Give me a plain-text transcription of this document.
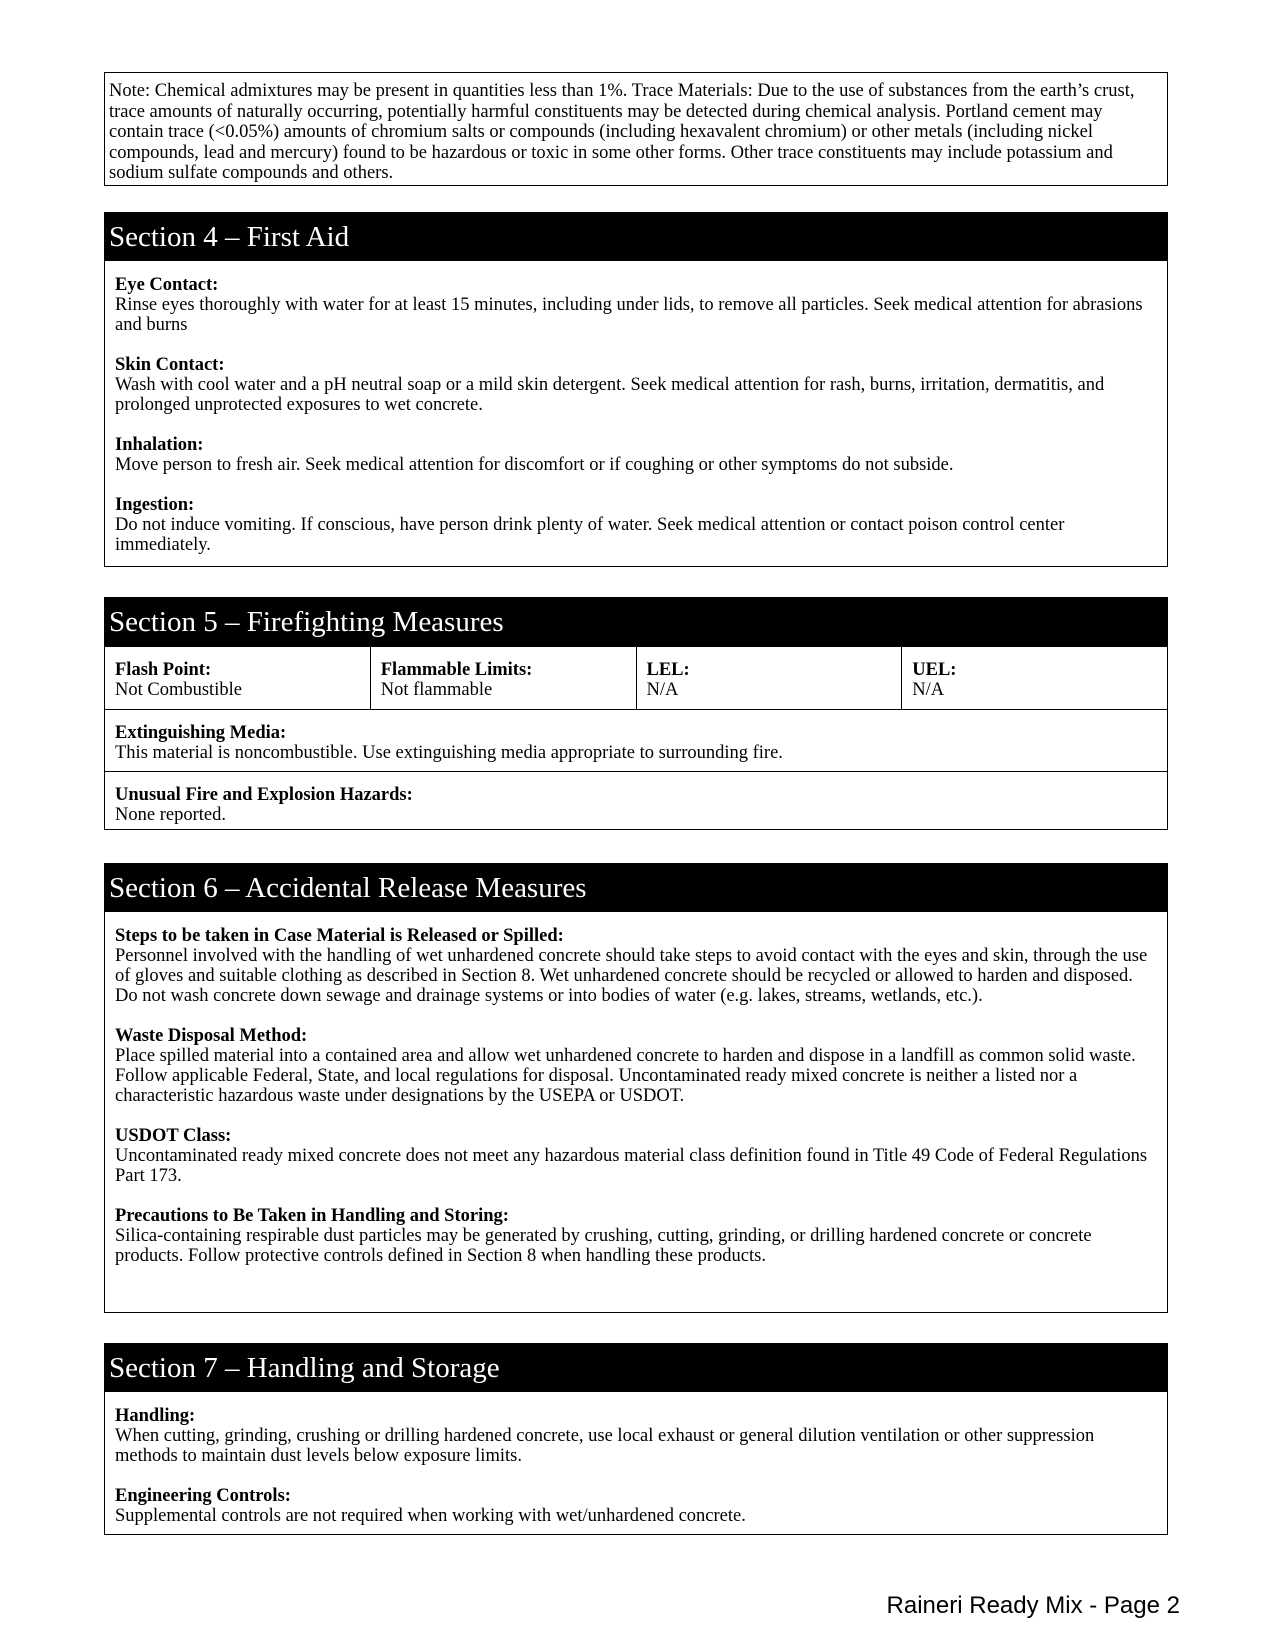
Note: Chemical admixtures may be present in quantities less than 1%. Trace Materials: Due to the use of substances from the earth’s crust, trace amounts of naturally occurring, potentially harmful constituents may be detected during chemical analysis. Portland cement may contain trace (<0.05%) amounts of chromium salts or compounds (including hexavalent chromium) or other metals (including nickel compounds, lead and mercury) found to be hazardous or toxic in some other forms. Other trace constituents may include potassium and sodium sulfate compounds and others.

Section 4 – First Aid
Eye Contact:

Rinse eyes thoroughly with water for at least 15 minutes, including under lids, to remove all particles. Seek medical attention for abrasions and burns

Skin Contact:

Wash with cool water and a pH neutral soap or a mild skin detergent. Seek medical attention for rash, burns, irritation, dermatitis, and prolonged unprotected exposures to wet concrete.

Inhalation:

Move person to fresh air. Seek medical attention for discomfort or if coughing or other symptoms do not subside.

Ingestion:

Do not induce vomiting. If conscious, have person drink plenty of water. Seek medical attention or contact poison control center immediately.

Section 5 – Firefighting Measures
Flash Point:
Not Combustible
Flammable Limits:
Not flammable
LEL:
N/A
UEL:
N/A
Extinguishing Media:
This material is noncombustible. Use extinguishing media appropriate to surrounding fire.
Unusual Fire and Explosion Hazards:
None reported.
Section 6 – Accidental Release Measures
Steps to be taken in Case Material is Released or Spilled:

Personnel involved with the handling of wet unhardened concrete should take steps to avoid contact with the eyes and skin, through the use of gloves and suitable clothing as described in Section 8. Wet unhardened concrete should be recycled or allowed to harden and disposed. Do not wash concrete down sewage and drainage systems or into bodies of water (e.g. lakes, streams, wetlands, etc.).

Waste Disposal Method:

Place spilled material into a contained area and allow wet unhardened concrete to harden and dispose in a landfill as common solid waste. Follow applicable Federal, State, and local regulations for disposal. Uncontaminated ready mixed concrete is neither a listed nor a characteristic hazardous waste under designations by the USEPA or USDOT.

USDOT Class:

Uncontaminated ready mixed concrete does not meet any hazardous material class definition found in Title 49 Code of Federal Regulations Part 173.

Precautions to Be Taken in Handling and Storing:

Silica-containing respirable dust particles may be generated by crushing, cutting, grinding, or drilling hardened concrete or concrete products. Follow protective controls defined in Section 8 when handling these products.

Section 7 – Handling and Storage
Handling:

When cutting, grinding, crushing or drilling hardened concrete, use local exhaust or general dilution ventilation or other suppression methods to maintain dust levels below exposure limits.

Engineering Controls:

Supplemental controls are not required when working with wet/unhardened concrete.

Raineri Ready Mix - Page 2
